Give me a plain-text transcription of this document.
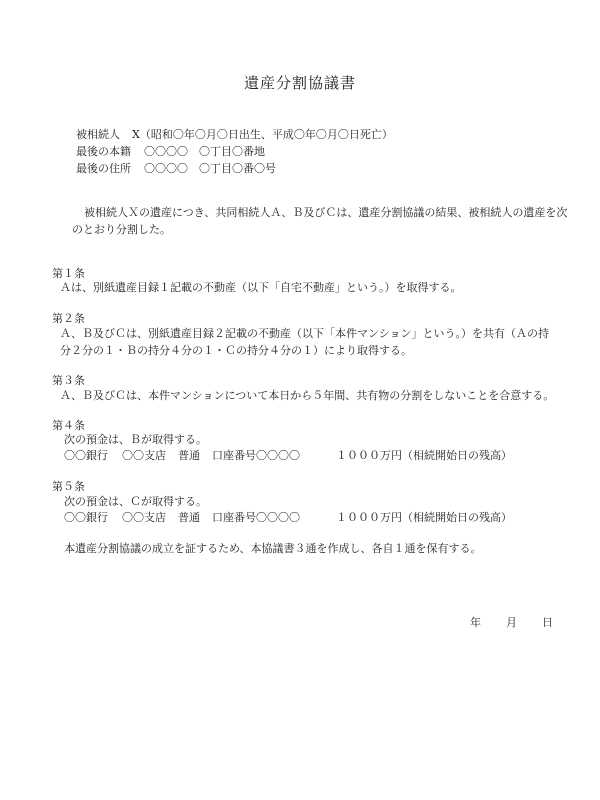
遺産分割協議書
被相続人 X（昭和〇年〇月〇日出生、平成〇年〇月〇日死亡）
最後の本籍 〇〇〇〇　〇丁目〇番地
最後の住所 〇〇〇〇　〇丁目〇番〇号
被相続人Ｘの遺産につき、共同相続人Ａ、Ｂ及びＣは、遺産分割協議の結果、被相続人の遺産を次のとおり分割した。
第１条
Ａは、別紙遺産目録１記載の不動産（以下「自宅不動産」という。）を取得する。
第２条
Ａ、Ｂ及びＣは、別紙遺産目録２記載の不動産（以下「本件マンション」という。）を共有（Ａの持
分２分の１・Ｂの持分４分の１・Ｃの持分４分の１）により取得する。
第３条
Ａ、Ｂ及びＣは、本件マンションについて本日から５年間、共有物の分割をしないことを合意する。
第４条
次の預金は、Ｂが取得する。
〇〇銀行 〇〇支店 普通 口座番号〇〇〇〇	１０００万円（相続開始日の残高）
第５条
次の預金は、Ｃが取得する。
〇〇銀行 〇〇支店 普通 口座番号〇〇〇〇	１０００万円（相続開始日の残高）
本遺産分割協議の成立を証するため、本協議書３通を作成し、各自１通を保有する。
年 月 日
